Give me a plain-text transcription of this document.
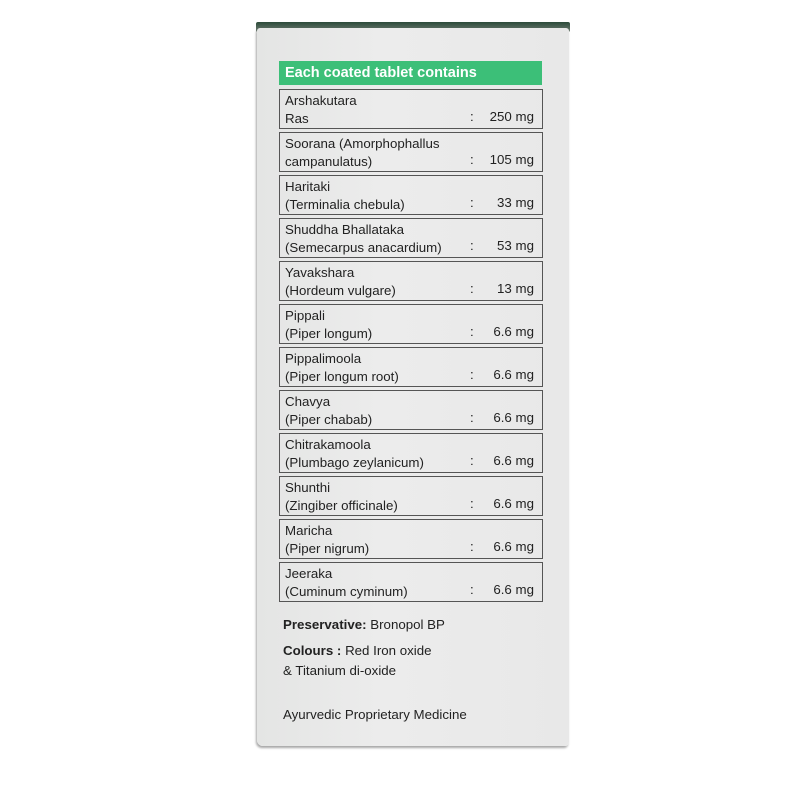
Each coated tablet contains
Arshakutara
Ras	: 250 mg
Soorana (Amorphophallus
campanulatus)	: 105 mg
Haritaki
(Terminalia chebula)	: 33 mg
Shuddha Bhallataka
(Semecarpus anacardium)	: 53 mg
Yavakshara
(Hordeum vulgare)	: 13 mg
Pippali
(Piper longum)	: 6.6 mg
Pippalimoola
(Piper longum root)	: 6.6 mg
Chavya
(Piper chabab)	: 6.6 mg
Chitrakamoola
(Plumbago zeylanicum)	: 6.6 mg
Shunthi
(Zingiber officinale)	: 6.6 mg
Maricha
(Piper nigrum)	: 6.6 mg
Jeeraka
(Cuminum cyminum)	: 6.6 mg
Preservative: Bronopol BP
Colours : Red Iron oxide
& Titanium di-oxide
Ayurvedic Proprietary Medicine
